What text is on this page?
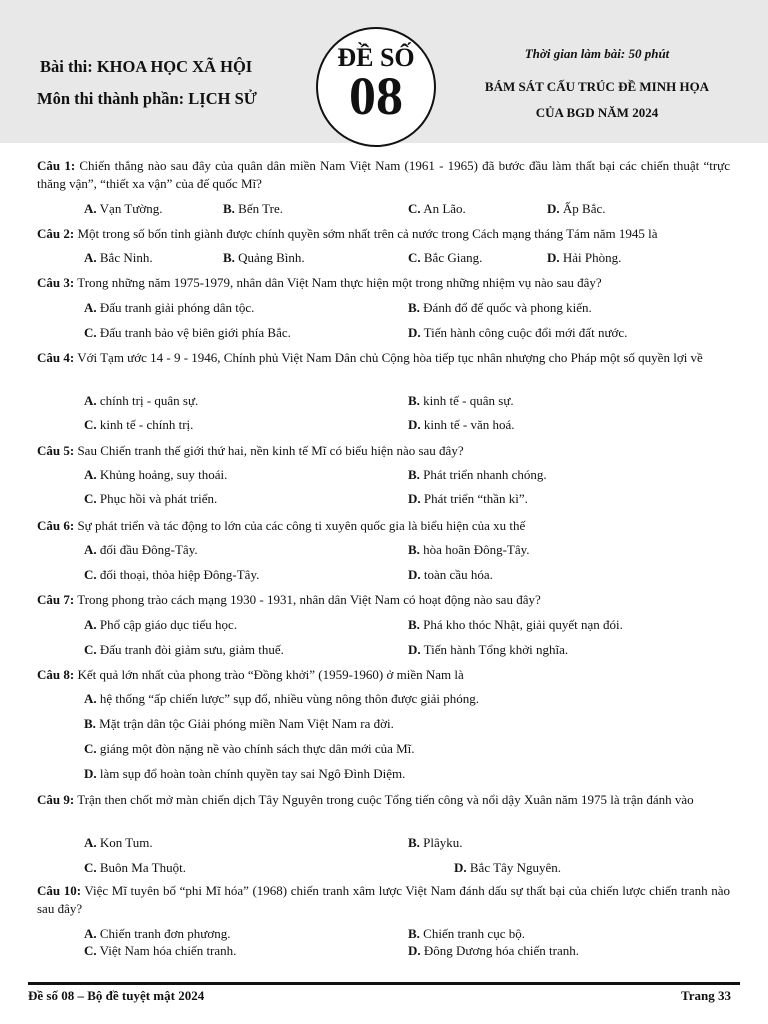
Bài thi: KHOA HỌC XÃ HỘI
Môn thi thành phần: LỊCH SỬ
Thời gian làm bài: 50 phút
BÁM SÁT CẤU TRÚC ĐỀ MINH HỌA
CỦA BGD NĂM 2024
ĐỀ SỐ
08
Câu 1: Chiến thắng nào sau đây của quân dân miền Nam Việt Nam (1961 - 1965) đã bước đầu làm thất bại các chiến thuật “trực thăng vận”, “thiết xa vận” của đế quốc Mĩ?
A. Vạn Tường.	B. Bến Tre.	C. An Lão.	D. Ấp Bắc.
Câu 2: Một trong số bốn tỉnh giành được chính quyền sớm nhất trên cả nước trong Cách mạng tháng Tám năm 1945 là
A. Bắc Ninh.	B. Quảng Bình.	C. Bắc Giang.	D. Hải Phòng.
Câu 3: Trong những năm 1975-1979, nhân dân Việt Nam thực hiện một trong những nhiệm vụ nào sau đây?
A. Đấu tranh giải phóng dân tộc.	B. Đánh đổ đế quốc và phong kiến.
C. Đấu tranh bảo vệ biên giới phía Bắc.	D. Tiến hành công cuộc đổi mới đất nước.
Câu 4: Với Tạm ước 14 - 9 - 1946, Chính phủ Việt Nam Dân chủ Cộng hòa tiếp tục nhân nhượng cho Pháp một số quyền lợi về
A. chính trị - quân sự.	B. kinh tế - quân sự.
C. kinh tế - chính trị.	D. kinh tế - văn hoá.
Câu 5: Sau Chiến tranh thế giới thứ hai, nền kinh tế Mĩ có biểu hiện nào sau đây?
A. Khủng hoảng, suy thoái.	B. Phát triển nhanh chóng.
C. Phục hồi và phát triển.	D. Phát triển “thần kì”.
Câu 6: Sự phát triển và tác động to lớn của các công ti xuyên quốc gia là biểu hiện của xu thế
A. đối đầu Đông-Tây.	B. hòa hoãn Đông-Tây.
C. đối thoại, thỏa hiệp Đông-Tây.	D. toàn cầu hóa.
Câu 7: Trong phong trào cách mạng 1930 - 1931, nhân dân Việt Nam có hoạt động nào sau đây?
A. Phổ cập giáo dục tiểu học.	B. Phá kho thóc Nhật, giải quyết nạn đói.
C. Đấu tranh đòi giảm sưu, giảm thuế.	D. Tiến hành Tổng khởi nghĩa.
Câu 8: Kết quả lớn nhất của phong trào “Đồng khởi” (1959-1960) ở miền Nam là
A. hệ thống “ấp chiến lược” sụp đổ, nhiều vùng nông thôn được giải phóng.
B. Mặt trận dân tộc Giải phóng miền Nam Việt Nam ra đời.
C. giáng một đòn nặng nề vào chính sách thực dân mới của Mĩ.
D. làm sụp đổ hoàn toàn chính quyền tay sai Ngô Đình Diệm.
Câu 9: Trận then chốt mở màn chiến dịch Tây Nguyên trong cuộc Tổng tiến công và nổi dậy Xuân năm 1975 là trận đánh vào
A. Kon Tum.	B. Plâyku.
C. Buôn Ma Thuột.	D. Bắc Tây Nguyên.
Câu 10: Việc Mĩ tuyên bố “phi Mĩ hóa” (1968) chiến tranh xâm lược Việt Nam đánh dấu sự thất bại của chiến lược chiến tranh nào sau đây?
A. Chiến tranh đơn phương.	B. Chiến tranh cục bộ.
C. Việt Nam hóa chiến tranh.	D. Đông Dương hóa chiến tranh.
Đề số 08 – Bộ đề tuyệt mật 2024	Trang 33
